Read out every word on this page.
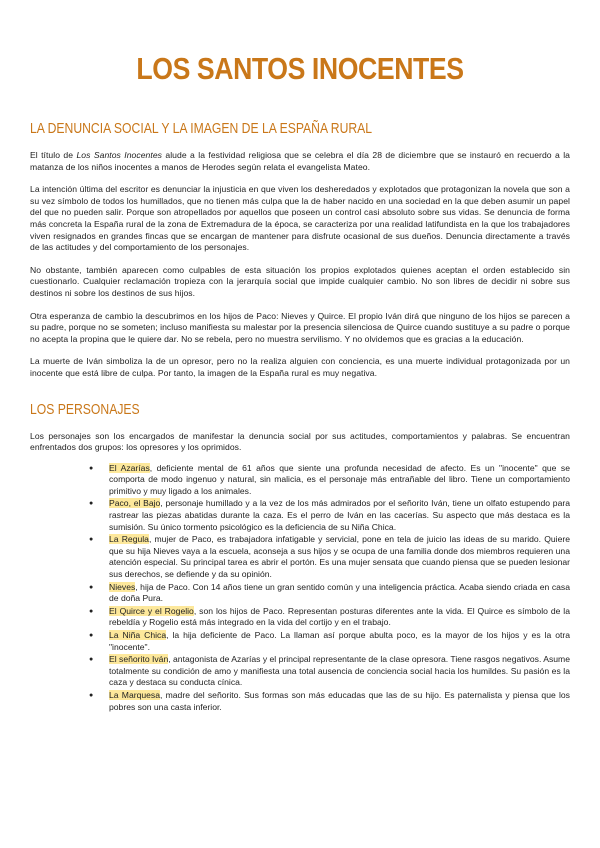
LOS SANTOS INOCENTES
LA DENUNCIA SOCIAL Y LA IMAGEN DE LA ESPAÑA RURAL

El título de Los Santos Inocentes alude a la festividad religiosa que se celebra el día 28 de diciembre que se instauró en recuerdo a la matanza de los niños inocentes a manos de Herodes según relata el evangelista Mateo.

La intención última del escritor es denunciar la injusticia en que viven los desheredados y explotados que protagonizan la novela que son a su vez símbolo de todos los humillados, que no tienen más culpa que la de haber nacido en una sociedad en la que deben asumir un papel del que no pueden salir. Porque son atropellados por aquellos que poseen un control casi absoluto sobre sus vidas. Se denuncia de forma más concreta la España rural de la zona de Extremadura de la época, se caracteriza por una realidad latifundista en la que los trabajadores viven resignados en grandes fincas que se encargan de mantener para disfrute ocasional de sus dueños. Denuncia directamente a través de las actitudes y del comportamiento de los personajes.

No obstante, también aparecen como culpables de esta situación los propios explotados quienes aceptan el orden establecido sin cuestionarlo. Cualquier reclamación tropieza con la jerarquía social que impide cualquier cambio. No son libres de decidir ni sobre sus destinos ni sobre los destinos de sus hijos.

Otra esperanza de cambio la descubrimos en los hijos de Paco: Nieves y Quirce. El propio Iván dirá que ninguno de los hijos se parecen a su padre, porque no se someten; incluso manifiesta su malestar por la presencia silenciosa de Quirce cuando sustituye a su padre o porque no acepta la propina que le quiere dar. No se rebela, pero no muestra servilismo. Y no olvidemos que es gracias a la educación.

La muerte de Iván simboliza la de un opresor, pero no la realiza alguien con conciencia, es una muerte individual protagonizada por un inocente que está libre de culpa. Por tanto, la imagen de la España rural es muy negativa.

LOS PERSONAJES

Los personajes son los encargados de manifestar la denuncia social por sus actitudes, comportamientos y palabras. Se encuentran enfrentados dos grupos: los opresores y los oprimidos.

● El Azarías, deficiente mental de 61 años que siente una profunda necesidad de afecto. Es un "inocente" que se comporta de modo ingenuo y natural, sin malicia, es el personaje más entrañable del libro. Tiene un comportamiento primitivo y muy ligado a los animales.
● Paco, el Bajo, personaje humillado y a la vez de los más admirados por el señorito Iván, tiene un olfato estupendo para rastrear las piezas abatidas durante la caza. Es el perro de Iván en las cacerías. Su aspecto que más destaca es la sumisión. Su único tormento psicológico es la deficiencia de su Niña Chica.
● La Regula, mujer de Paco, es trabajadora infatigable y servicial, pone en tela de juicio las ideas de su marido. Quiere que su hija Nieves vaya a la escuela, aconseja a sus hijos y se ocupa de una familia donde dos miembros requieren una atención especial. Su principal tarea es abrir el portón. Es una mujer sensata que cuando piensa que se pueden lesionar sus derechos, se defiende y da su opinión.
● Nieves, hija de Paco. Con 14 años tiene un gran sentido común y una inteligencia práctica. Acaba siendo criada en casa de doña Pura.
● El Quirce y el Rogelio, son los hijos de Paco. Representan posturas diferentes ante la vida. El Quirce es símbolo de la rebeldía y Rogelio está más integrado en la vida del cortijo y en el trabajo.
● La Niña Chica, la hija deficiente de Paco. La llaman así porque abulta poco, es la mayor de los hijos y es la otra "inocente".
● El señorito Iván, antagonista de Azarías y el principal representante de la clase opresora. Tiene rasgos negativos. Asume totalmente su condición de amo y manifiesta una total ausencia de conciencia social hacia los humildes. Su pasión es la caza y destaca su conducta cínica.
● La Marquesa, madre del señorito. Sus formas son más educadas que las de su hijo. Es paternalista y piensa que los pobres son una casta inferior.
